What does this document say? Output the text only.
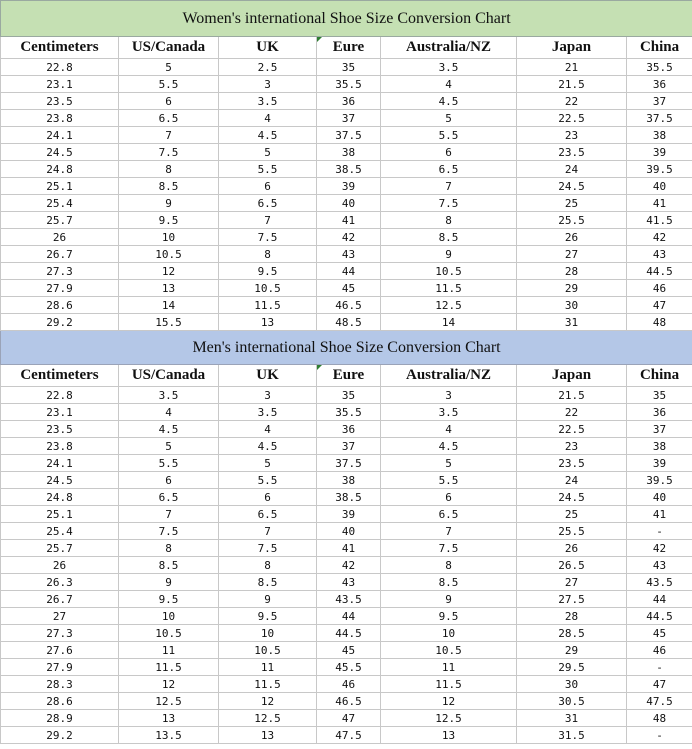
Women's international Shoe Size Conversion Chart						
Centimeters	US/Canada	UK	Eure	Australia/NZ	Japan	China
22.8	5	2.5	35	3.5	21	35.5
23.1	5.5	3	35.5	4	21.5	36
23.5	6	3.5	36	4.5	22	37
23.8	6.5	4	37	5	22.5	37.5
24.1	7	4.5	37.5	5.5	23	38
24.5	7.5	5	38	6	23.5	39
24.8	8	5.5	38.5	6.5	24	39.5
25.1	8.5	6	39	7	24.5	40
25.4	9	6.5	40	7.5	25	41
25.7	9.5	7	41	8	25.5	41.5
26	10	7.5	42	8.5	26	42
26.7	10.5	8	43	9	27	43
27.3	12	9.5	44	10.5	28	44.5
27.9	13	10.5	45	11.5	29	46
28.6	14	11.5	46.5	12.5	30	47
29.2	15.5	13	48.5	14	31	48
Men's international Shoe Size Conversion Chart						
Centimeters	US/Canada	UK	Eure	Australia/NZ	Japan	China
22.8	3.5	3	35	3	21.5	35
23.1	4	3.5	35.5	3.5	22	36
23.5	4.5	4	36	4	22.5	37
23.8	5	4.5	37	4.5	23	38
24.1	5.5	5	37.5	5	23.5	39
24.5	6	5.5	38	5.5	24	39.5
24.8	6.5	6	38.5	6	24.5	40
25.1	7	6.5	39	6.5	25	41
25.4	7.5	7	40	7	25.5	-
25.7	8	7.5	41	7.5	26	42
26	8.5	8	42	8	26.5	43
26.3	9	8.5	43	8.5	27	43.5
26.7	9.5	9	43.5	9	27.5	44
27	10	9.5	44	9.5	28	44.5
27.3	10.5	10	44.5	10	28.5	45
27.6	11	10.5	45	10.5	29	46
27.9	11.5	11	45.5	11	29.5	-
28.3	12	11.5	46	11.5	30	47
28.6	12.5	12	46.5	12	30.5	47.5
28.9	13	12.5	47	12.5	31	48
29.2	13.5	13	47.5	13	31.5	-
